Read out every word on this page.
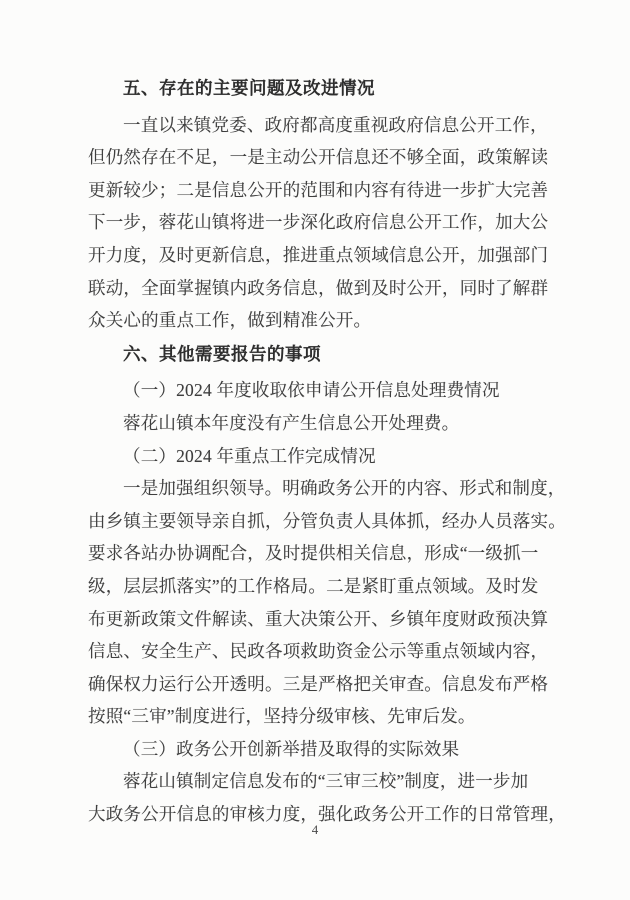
五、存在的主要问题及改进情况
一直以来镇党委、政府都高度重视政府信息公开工作，
但仍然存在不足，一是主动公开信息还不够全面，政策解读
更新较少；二是信息公开的范围和内容有待进一步扩大完善
下一步，蓉花山镇将进一步深化政府信息公开工作，加大公
开力度，及时更新信息，推进重点领域信息公开，加强部门
联动，全面掌握镇内政务信息，做到及时公开，同时了解群
众关心的重点工作，做到精准公开。
六、其他需要报告的事项
（一）2024 年度收取依申请公开信息处理费情况
蓉花山镇本年度没有产生信息公开处理费。
（二）2024 年重点工作完成情况
一是加强组织领导。明确政务公开的内容、形式和制度，
由乡镇主要领导亲自抓，分管负责人具体抓，经办人员落实。
要求各站办协调配合，及时提供相关信息，形成“一级抓一
级，层层抓落实”的工作格局。二是紧盯重点领域。及时发
布更新政策文件解读、重大决策公开、乡镇年度财政预决算
信息、安全生产、民政各项救助资金公示等重点领域内容，
确保权力运行公开透明。三是严格把关审查。信息发布严格
按照“三审”制度进行，坚持分级审核、先审后发。
（三）政务公开创新举措及取得的实际效果
蓉花山镇制定信息发布的“三审三校”制度，进一步加
大政务公开信息的审核力度，强化政务公开工作的日常管理，
4
